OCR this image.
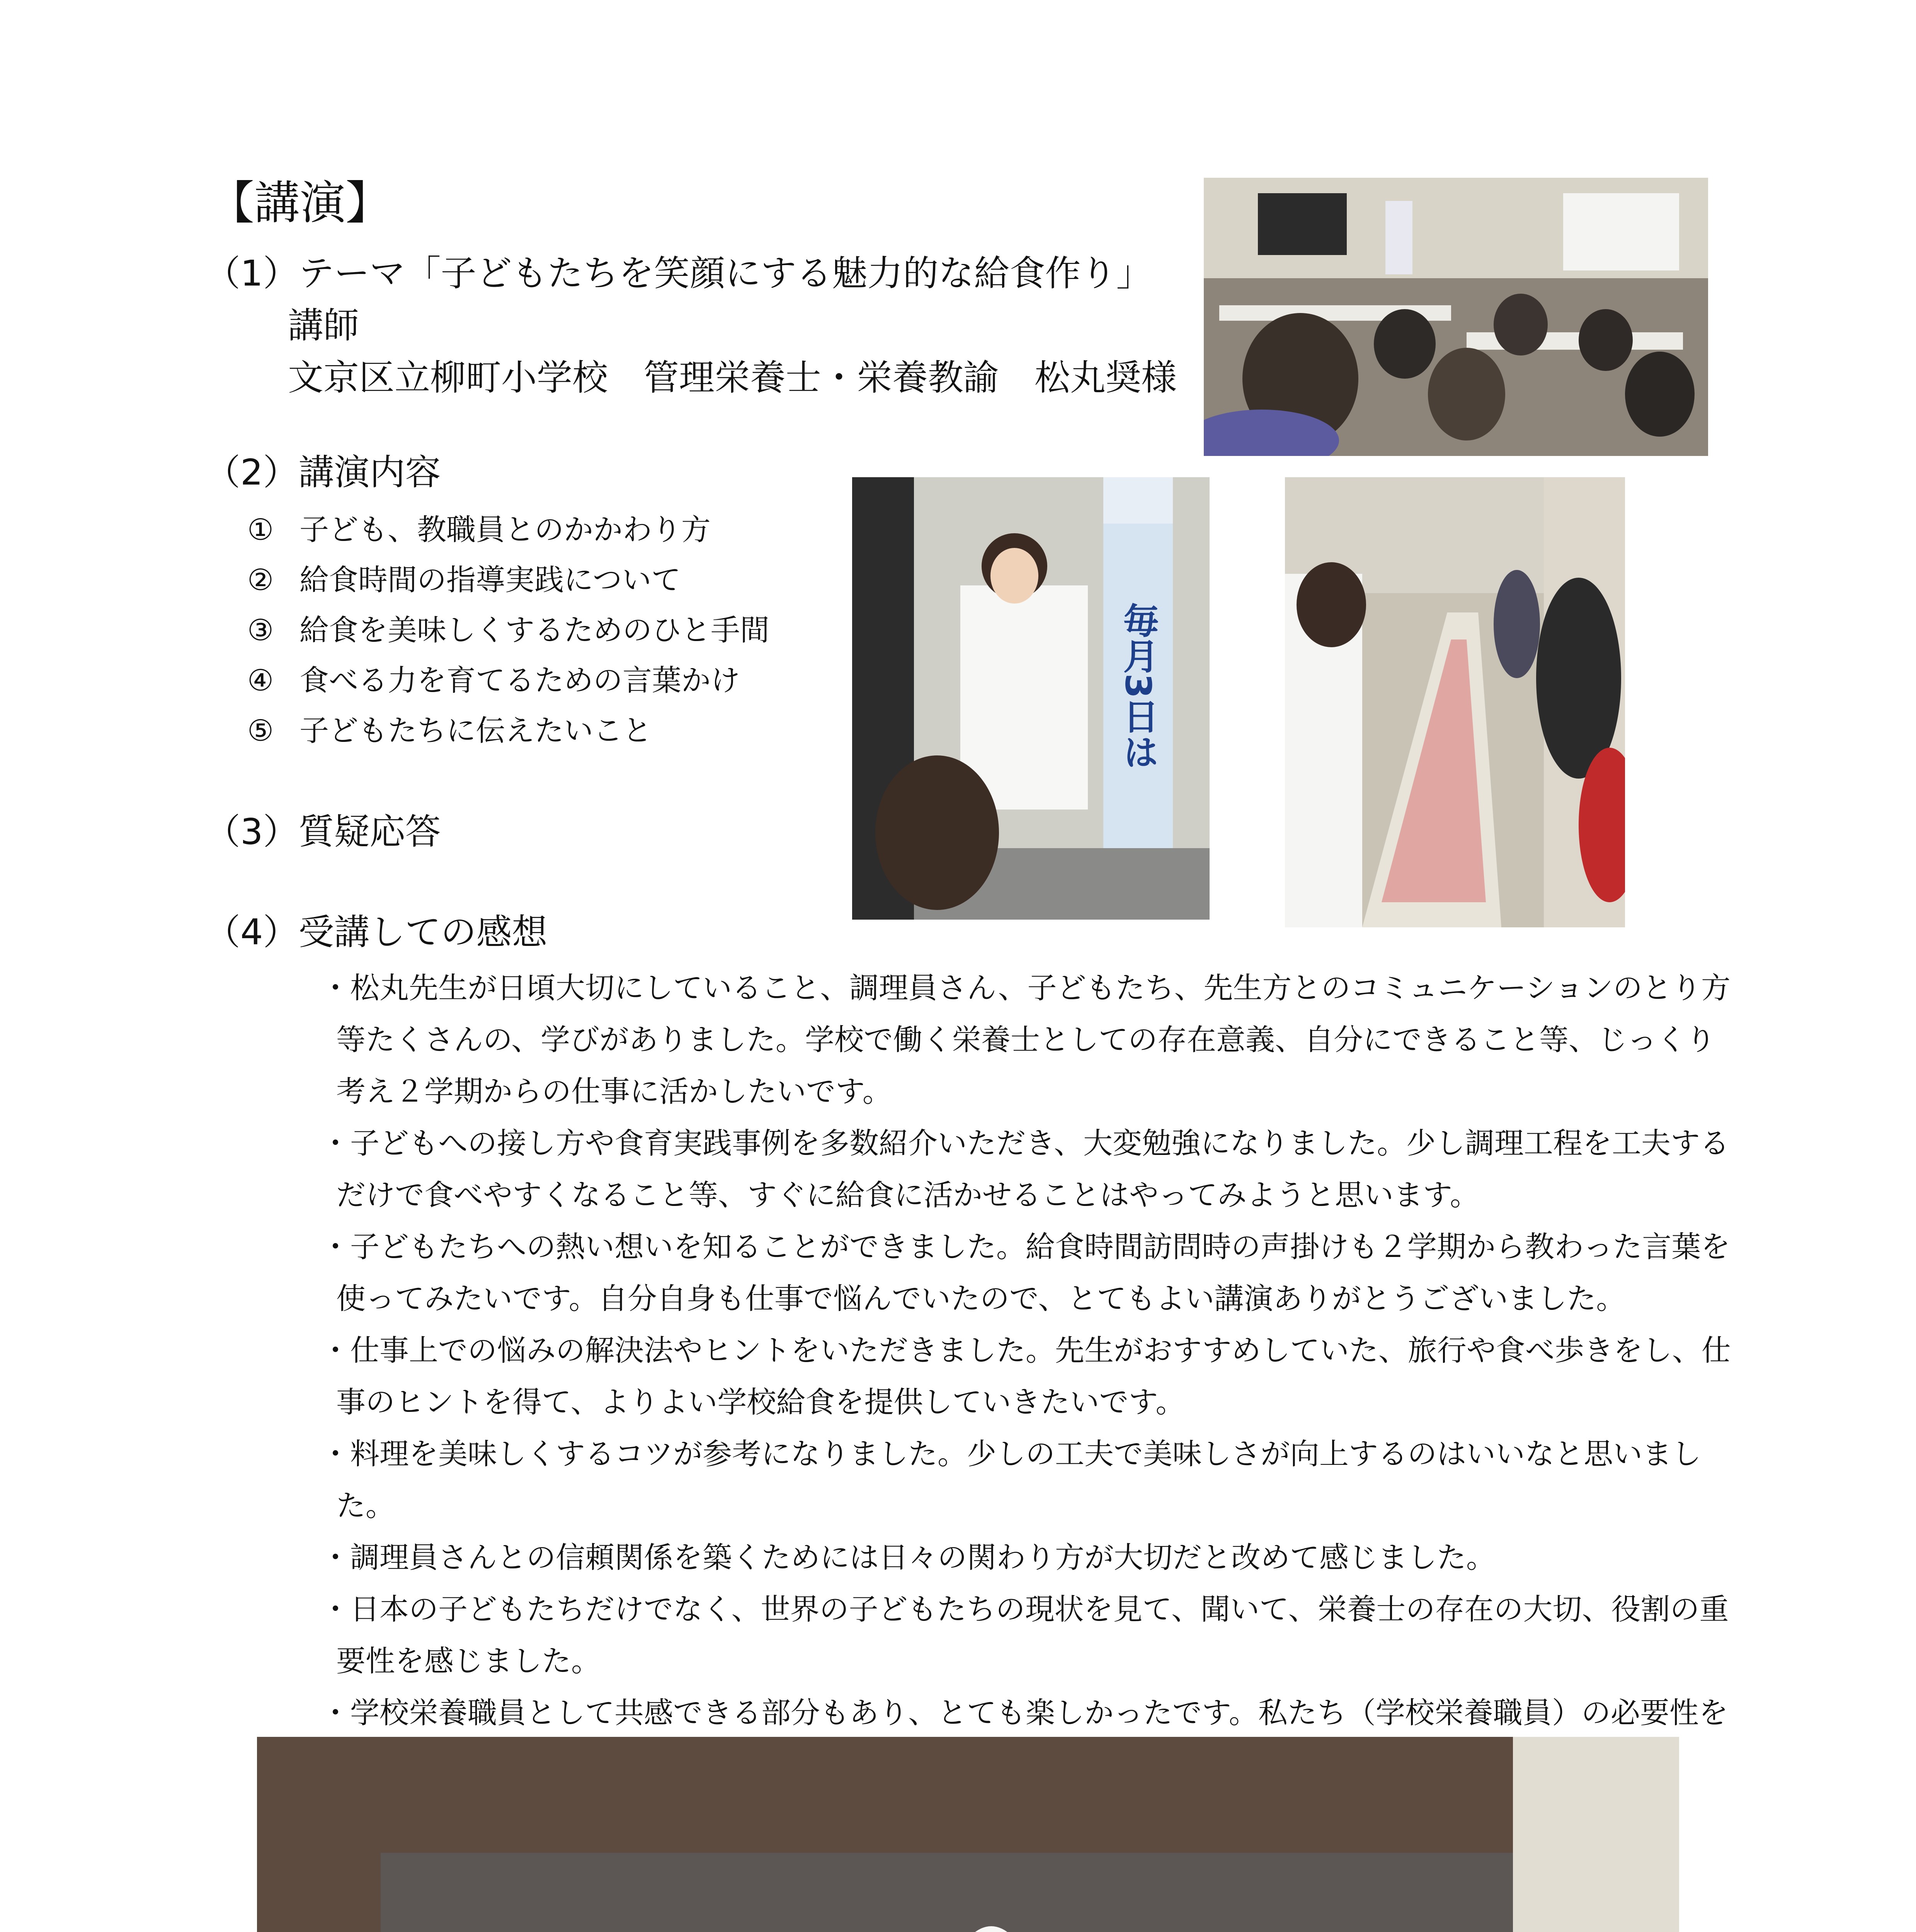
【講演】
（1）テーマ「子どもたちを笑顔にする魅力的な給食作り」
講師
文京区立柳町小学校　管理栄養士・栄養教諭　松丸奨様
（2）講演内容
① 子ども、教職員とのかかわり方
② 給食時間の指導実践について
③ 給食を美味しくするためのひと手間
④ 食べる力を育てるための言葉かけ
⑤ 子どもたちに伝えたいこと
（3）質疑応答
（4）受講しての感想

・松丸先生が日頃大切にしていること、調理員さん、子どもたち、先生方とのコミュニケーションのとり方等たくさんの、学びがありました。学校で働く栄養士としての存在意義、自分にできること等、じっくり考え２学期からの仕事に活かしたいです。

・子どもへの接し方や食育実践事例を多数紹介いただき、大変勉強になりました。少し調理工程を工夫するだけで食べやすくなること等、すぐに給食に活かせることはやってみようと思います。

・子どもたちへの熱い想いを知ることができました。給食時間訪問時の声掛けも２学期から教わった言葉を使ってみたいです。自分自身も仕事で悩んでいたので、とてもよい講演ありがとうございました。

・仕事上での悩みの解決法やヒントをいただきました。先生がおすすめしていた、旅行や食べ歩きをし、仕事のヒントを得て、よりよい学校給食を提供していきたいです。

・料理を美味しくするコツが参考になりました。少しの工夫で美味しさが向上するのはいいなと思いました。

・調理員さんとの信頼関係を築くためには日々の関わり方が大切だと改めて感じました。

・日本の子どもたちだけでなく、世界の子どもたちの現状を見て、聞いて、栄養士の存在の大切、役割の重要性を感じました。

・学校栄養職員として共感できる部分もあり、とても楽しかったです。私たち（学校栄養職員）の必要性を

毎月3日は
